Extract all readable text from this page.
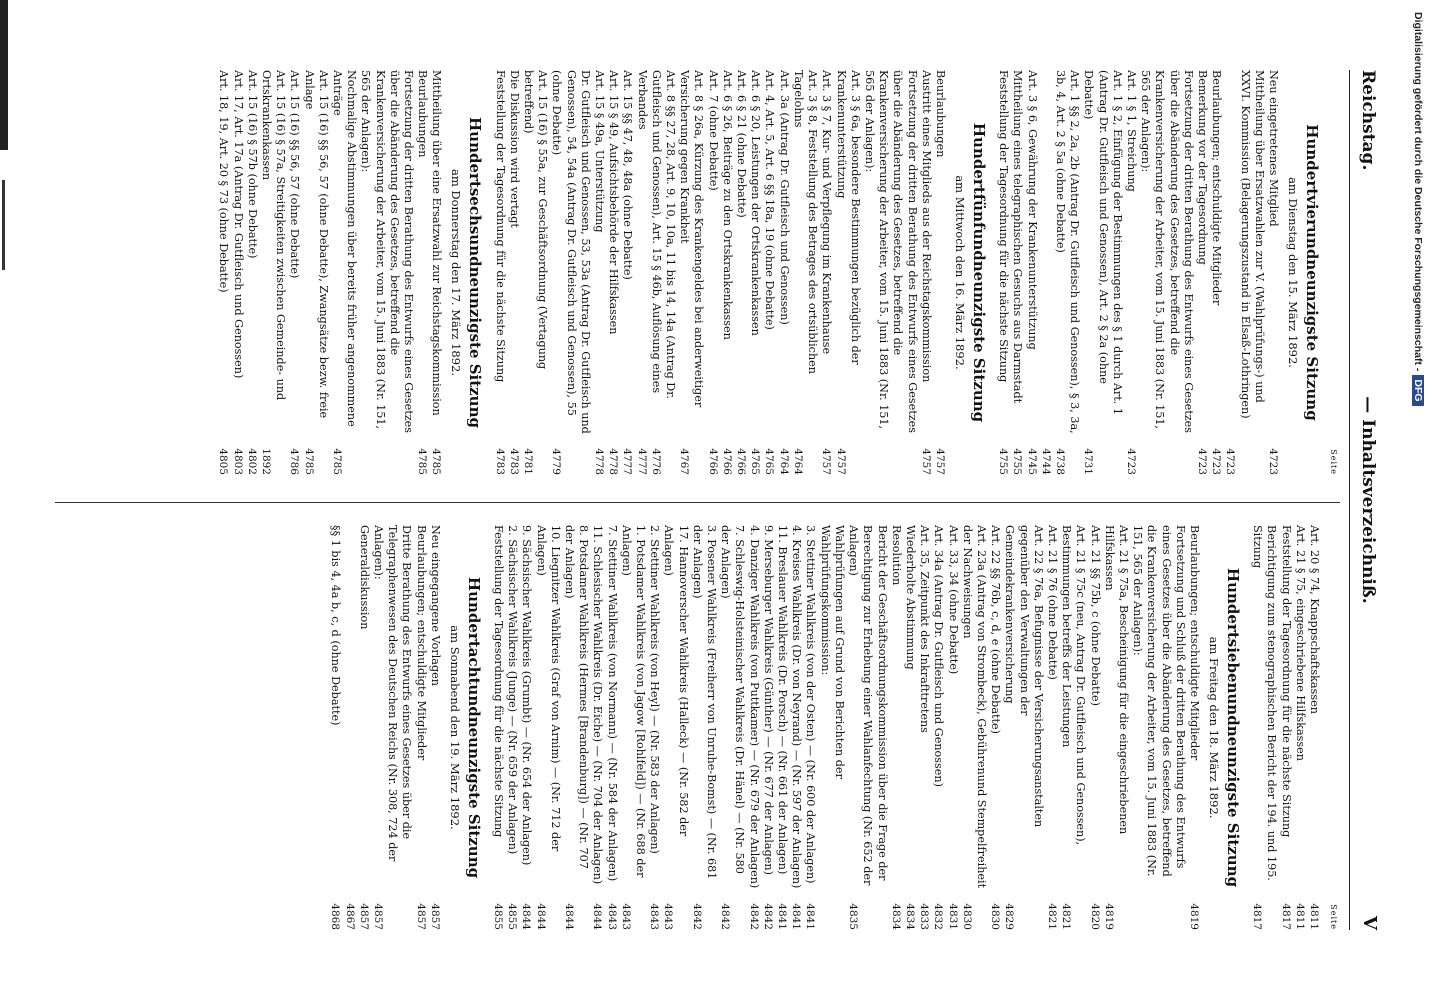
Reichstag.
— Inhaltsverzeichniß.
V
Seite
Hundertvierundneunzigste Sitzung
am Dienstag den 15. März 1892.
Neu eingetretenes Mitglied
4723
Mittheilung über Ersatzwahlen zur V. (Wahlprüfungs-) und XXVI. Kommission (Belagerungszustand in Elsaß-Lothringen)
Beurlaubungen; entschuldigte Mitglieder
4723
4723
Bemerkung vor der Tagesordnung
4723
Fortsetzung der dritten Berathung des Entwurfs eines Gesetzes über die Abänderung des Gesetzes, betreffend die Krankenversicherung der Arbeiter, vom 15. Juni 1883 (Nr. 151, 565 der Anlagen):
Art. 1 § 1, Streichung
4723
Art. 1 § 2, Einfügung der Bestimmungen des § 1 durch Art. 1 (Antrag Dr. Gutfleisch und Genossen), Art. 2 § 2a (ohne Debatte)
4731
Art. 1 §§ 2, 2a, 2b (Antrag Dr. Gutfleisch und Genossen), § 3, 3a, 3b, 4, Art. 2 § 5a (ohne Debatte)
4738
Art. 3 § 6, Gewährung der Krankenunterstützung
4744
4745
Mittheilung eines telegraphischen Gesuchs aus Darmstadt
4755
Feststellung der Tagesordnung für die nächste Sitzung
4755
Hundertfünfundneunzigste Sitzung
am Mittwoch den 16. März 1892.
Beurlaubungen
4757
Austritt eines Mitglieds aus der Reichstagskommission
4757
Fortsetzung der dritten Berathung des Entwurfs eines Gesetzes über die Abänderung des Gesetzes, betreffend die Krankenversicherung der Arbeiter, vom 15. Juni 1883 (Nr. 151, 565 der Anlagen):
Art. 3 § 6a, besondere Bestimmungen bezüglich der Krankenunterstützung
4757
Art. 3 § 7, Kur- und Verpflegung im Krankenhause
4757
Art. 3 § 8, Feststellung des Betrages des ortsüblichen Tagelohns
4764
Art. 3a (Antrag Dr. Gutfleisch und Genossen)
4764
Art. 4, Art. 5, Art. 6 §§ 18a, 19 (ohne Debatte)
4765
Art. 6 § 20, Leistungen der Ortskrankenkassen
4765
Art. 6 § 21 (ohne Debatte)
4766
Art. 6 § 26, Beiträge zu den Ortskrankenkassen
4766
Art. 7 (ohne Debatte)
4766
Art. 8 § 26a, Kürzung des Krankengeldes bei anderweitiger Versicherung gegen Krankheit
4767
Art. 8 §§ 27, 28, Art. 9, 10, 10a, 11 bis 14, 14a (Antrag Dr. Gutfleisch und Genossen), Art. 15 § 46b, Auflösung eines Verbandes
4776
4777
Art. 15 §§ 47, 48, 48a (ohne Debatte)
4777
Art. 15 § 49, Aufsichtsbehörde der Hilfskassen
4778
Art. 15 § 49a, Unterstützung
4778
Dr. Gutfleisch und Genossen, 53, 53a (Antrag Dr. Gutfleisch und Genossen), 54, 54a (Antrag Dr. Gutfleisch und Genossen), 55 (ohne Debatte)
4779
Art. 15 (16) § 55a, zur Geschäftsordnung (Vertagung betreffend)
4781
Die Diskussion wird vertagt
4783
Feststellung der Tagesordnung für die nächste Sitzung
4783
Hundertsechsundneunzigste Sitzung
am Donnerstag den 17. März 1892.
Mittheilung über eine Ersatzwahl zur Reichstagskommission
4785
Beurlaubungen
4785
Fortsetzung der dritten Berathung des Entwurfs eines Gesetzes über die Abänderung des Gesetzes, betreffend die Krankenversicherung der Arbeiter, vom 15. Juni 1883 (Nr. 151, 565 der Anlagen):
Nochmalige Abstimmungen über bereits früher angenommene Anträge
4785
Art. 15 (16) §§ 56, 57 (ohne Debatte), Zwangsätze bezw. freie Anlage
4785
Art. 15 (16) §§ 56, 57 (ohne Debatte)
4786
Art. 15 (16) § 57a, Streitigkeiten zwischen Gemeinde- und Ortskrankenkassen
1892
Art. 15 (16) § 57b (ohne Debatte)
4802
Art. 17, Art. 17a (Antrag Dr. Gutfleisch und Genossen)
4803
Art. 18, 19, Art. 20 § 73 (ohne Debatte)
4805
Seite
Art. 20 § 74, Knappschaftskassen
4811
Art. 21 § 75, eingeschriebene Hilfskassen
4811
Feststellung der Tagesordnung für die nächste Sitzung
4817
Berichtigung zum stenographischen Bericht der 194. und 195. Sitzung
4817
Hundertsiebenundneunzigste Sitzung
am Freitag den 18. März 1892.
Beurlaubungen; entschuldigte Mitglieder
4819
Fortsetzung und Schluß der dritten Berathung des Entwurfs eines Gesetzes über die Abänderung des Gesetzes, betreffend die Krankenversicherung der Arbeiter, vom 15. Juni 1883 (Nr. 151, 565 der Anlagen):
Art. 21 § 75a, Bescheinigung für die eingeschriebenen Hilfskassen
4819
Art. 21 §§ 75b, c (ohne Debatte)
4820
Art. 21 § 75c (neu, Antrag Dr. Gutfleisch und Genossen), Bestimmungen betreffs der Leistungen
4821
Art. 21 § 76 (ohne Debatte)
4821
Art. 22 § 76a, Befugnisse der Versicherungsanstalten gegenüber den Verwaltungen der Gemeindekrankenversicherung
4829
Art. 22 §§ 76b, c, d, e (ohne Debatte)
4830
Art. 23a (Antrag von Strombeck), Gebührenund Stempelfreiheit der Nachweisungen
4830
Art. 33, 34 (ohne Debatte)
4831
Art. 34a (Antrag Dr. Gutfleisch und Genossen)
4832
Art. 35, Zeitpunkt des Inkrafttretens
4833
Wiederholte Abstimmung
4834
Resolution
4834
Bericht der Geschäftsordnungskommission über die Frage der Berechtigung zur Erhebung einer Wahlanfechtung (Nr. 652 der Anlagen)
4835
Wahlprüfungen auf Grund von Berichten der Wahlprüfungskommission:
3. Stettiner Wahlkreis (von der Osten) — (Nr. 600 der Anlagen)
4841
4. Kreises Wahlkreis (Dr. von Neyrand) — (Nr. 597 der Anlagen)
4841
11. Breslauer Wahlkreis (Dr. Porsch) — (Nr. 661 der Anlagen)
4841
9. Merseburger Wahlkreis (Günther) — (Nr. 677 der Anlagen)
4842
4. Danziger Wahlkreis (von Puttkamer) — (Nr. 679 der Anlagen)
4842
7. Schleswig-Holsteinischer Wahlkreis (Dr. Hänel) — (Nr. 580 der Anlagen)
4842
3. Posener Wahlkreis (Freiherr von Unruhe-Bomst) — (Nr. 681 der Anlagen)
4842
17. Hannoverscher Wahlkreis (Halleck) — (Nr. 582 der Anlagen)
4843
2. Stettiner Wahlkreis (von Heyl) — (Nr. 583 der Anlagen)
4843
1. Potsdamer Wahlkreis (von Jagow [Rohlfeld]) — (Nr. 688 der Anlagen)
4843
7. Stettiner Wahlkreis (von Normann) — (Nr. 584 der Anlagen)
4843
11. Schlesischer Wahlkreis (Dr. Eiche) — (Nr. 704 der Anlagen)
4844
8. Potsdamer Wahlkreis (Hermes [Brandenburg]) — (Nr. 707 der Anlagen)
4844
10. Liegnitzer Wahlkreis (Graf von Arnim) — (Nr. 712 der Anlagen)
4844
9. Sächsischer Wahlkreis (Grumbt) — (Nr. 654 der Anlagen)
4844
2. Sächsischer Wahlkreis (Junge) — (Nr. 659 der Anlagen)
4855
Feststellung der Tagesordnung für die nächste Sitzung
4855
Hundertachtundneunzigste Sitzung
am Sonnabend den 19. März 1892.
Neu eingegangene Vorlagen
4857
Beurlaubungen; entschuldigte Mitglieder
4857
Dritte Berathung des Entwurfs eines Gesetzes über die Telegraphenwesen des Deutschen Reichs (Nr. 308, 724 der Anlagen):
4857
Generaldiskussion
4857
§§ 1 bis 4, 4a b, c, d (ohne Debatte)
4867
4868
Digitalisierung gefördert durch die Deutsche Forschungsgemeinschaft -DFG
